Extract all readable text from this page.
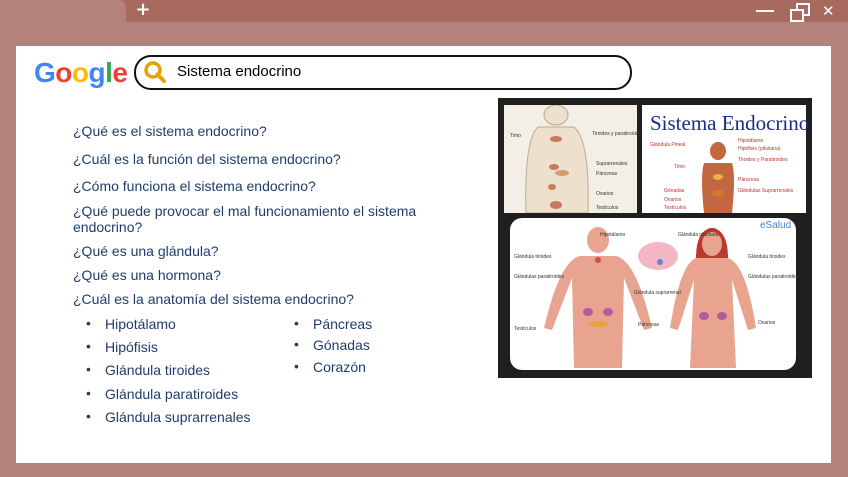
+	✕
Google	Sistema endocrino
¿Qué es el sistema endocrino?
¿Cuál es la función del sistema endocrino?
¿Cómo funciona el sistema endocrino?
¿Qué puede provocar el mal funcionamiento el sistema endocrino?
¿Qué es una glándula?
¿Qué es una hormona?
¿Cuál es la anatomía del sistema endocrino?
• Hipotálamo
• Hipófisis
• Glándula tiroides
• Glándula paratiroides
• Glándula suprarrenales
• Páncreas
• Gónadas
• Corazón
Timo	Tiroides y paratiroides
Suprarrenales
Páncreas
Ovarios
Testículos
Sistema Endocrino
Glándula Pineal
Hipotálamo
Hipófisis (pituitaria)
Tiroides y Paratiroides
Timo
Páncreas
Gónadas
Ovarios
Testículos
Glándulas Suprarrenales
eSalud
Hipotálamo	Glándula pituitaria
Glándula tiroides
Glándulas paratiroides
Glándula tiroides
Glándulas paratiroides
Glándula suprarrenal
Testículos
Páncreas	Ovarios
